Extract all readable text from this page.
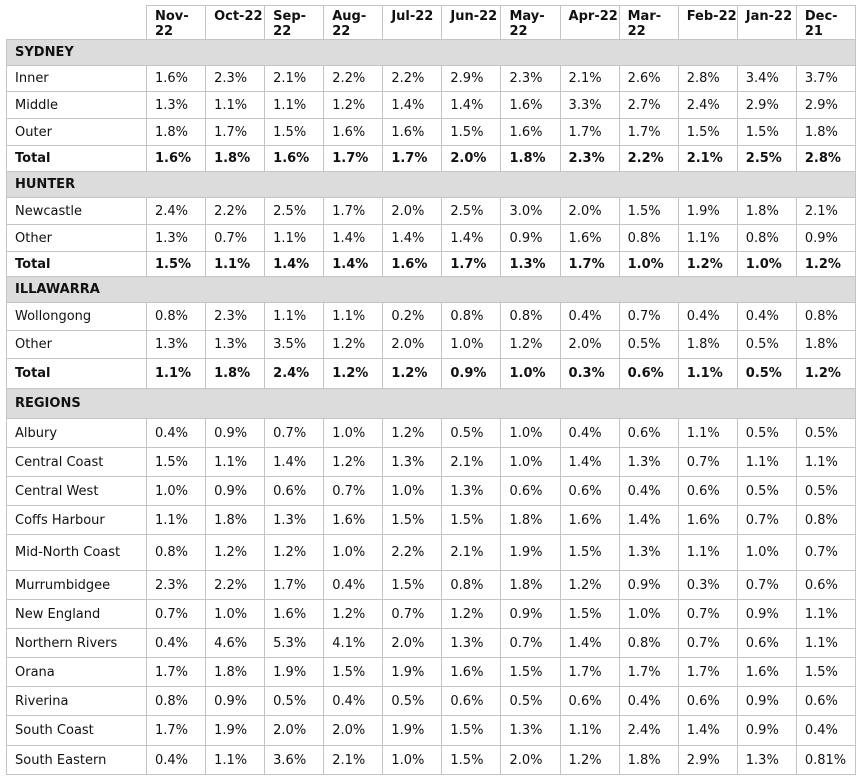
	Nov-22	Oct-22	Sep-22	Aug-22	Jul-22	Jun-22	May-22	Apr-22	Mar-22	Feb-22	Jan-22	Dec-21
SYDNEY												
Inner	1.6%	2.3%	2.1%	2.2%	2.2%	2.9%	2.3%	2.1%	2.6%	2.8%	3.4%	3.7%
Middle	1.3%	1.1%	1.1%	1.2%	1.4%	1.4%	1.6%	3.3%	2.7%	2.4%	2.9%	2.9%
Outer	1.8%	1.7%	1.5%	1.6%	1.6%	1.5%	1.6%	1.7%	1.7%	1.5%	1.5%	1.8%
Total	1.6%	1.8%	1.6%	1.7%	1.7%	2.0%	1.8%	2.3%	2.2%	2.1%	2.5%	2.8%
HUNTER												
Newcastle	2.4%	2.2%	2.5%	1.7%	2.0%	2.5%	3.0%	2.0%	1.5%	1.9%	1.8%	2.1%
Other	1.3%	0.7%	1.1%	1.4%	1.4%	1.4%	0.9%	1.6%	0.8%	1.1%	0.8%	0.9%
Total	1.5%	1.1%	1.4%	1.4%	1.6%	1.7%	1.3%	1.7%	1.0%	1.2%	1.0%	1.2%
ILLAWARRA												
Wollongong	0.8%	2.3%	1.1%	1.1%	0.2%	0.8%	0.8%	0.4%	0.7%	0.4%	0.4%	0.8%
Other	1.3%	1.3%	3.5%	1.2%	2.0%	1.0%	1.2%	2.0%	0.5%	1.8%	0.5%	1.8%
Total	1.1%	1.8%	2.4%	1.2%	1.2%	0.9%	1.0%	0.3%	0.6%	1.1%	0.5%	1.2%
REGIONS												
Albury	0.4%	0.9%	0.7%	1.0%	1.2%	0.5%	1.0%	0.4%	0.6%	1.1%	0.5%	0.5%
Central Coast	1.5%	1.1%	1.4%	1.2%	1.3%	2.1%	1.0%	1.4%	1.3%	0.7%	1.1%	1.1%
Central West	1.0%	0.9%	0.6%	0.7%	1.0%	1.3%	0.6%	0.6%	0.4%	0.6%	0.5%	0.5%
Coffs Harbour	1.1%	1.8%	1.3%	1.6%	1.5%	1.5%	1.8%	1.6%	1.4%	1.6%	0.7%	0.8%
Mid-North Coast	0.8%	1.2%	1.2%	1.0%	2.2%	2.1%	1.9%	1.5%	1.3%	1.1%	1.0%	0.7%
Murrumbidgee	2.3%	2.2%	1.7%	0.4%	1.5%	0.8%	1.8%	1.2%	0.9%	0.3%	0.7%	0.6%
New England	0.7%	1.0%	1.6%	1.2%	0.7%	1.2%	0.9%	1.5%	1.0%	0.7%	0.9%	1.1%
Northern Rivers	0.4%	4.6%	5.3%	4.1%	2.0%	1.3%	0.7%	1.4%	0.8%	0.7%	0.6%	1.1%
Orana	1.7%	1.8%	1.9%	1.5%	1.9%	1.6%	1.5%	1.7%	1.7%	1.7%	1.6%	1.5%
Riverina	0.8%	0.9%	0.5%	0.4%	0.5%	0.6%	0.5%	0.6%	0.4%	0.6%	0.9%	0.6%
South Coast	1.7%	1.9%	2.0%	2.0%	1.9%	1.5%	1.3%	1.1%	2.4%	1.4%	0.9%	0.4%
South Eastern	0.4%	1.1%	3.6%	2.1%	1.0%	1.5%	2.0%	1.2%	1.8%	2.9%	1.3%	0.81%
